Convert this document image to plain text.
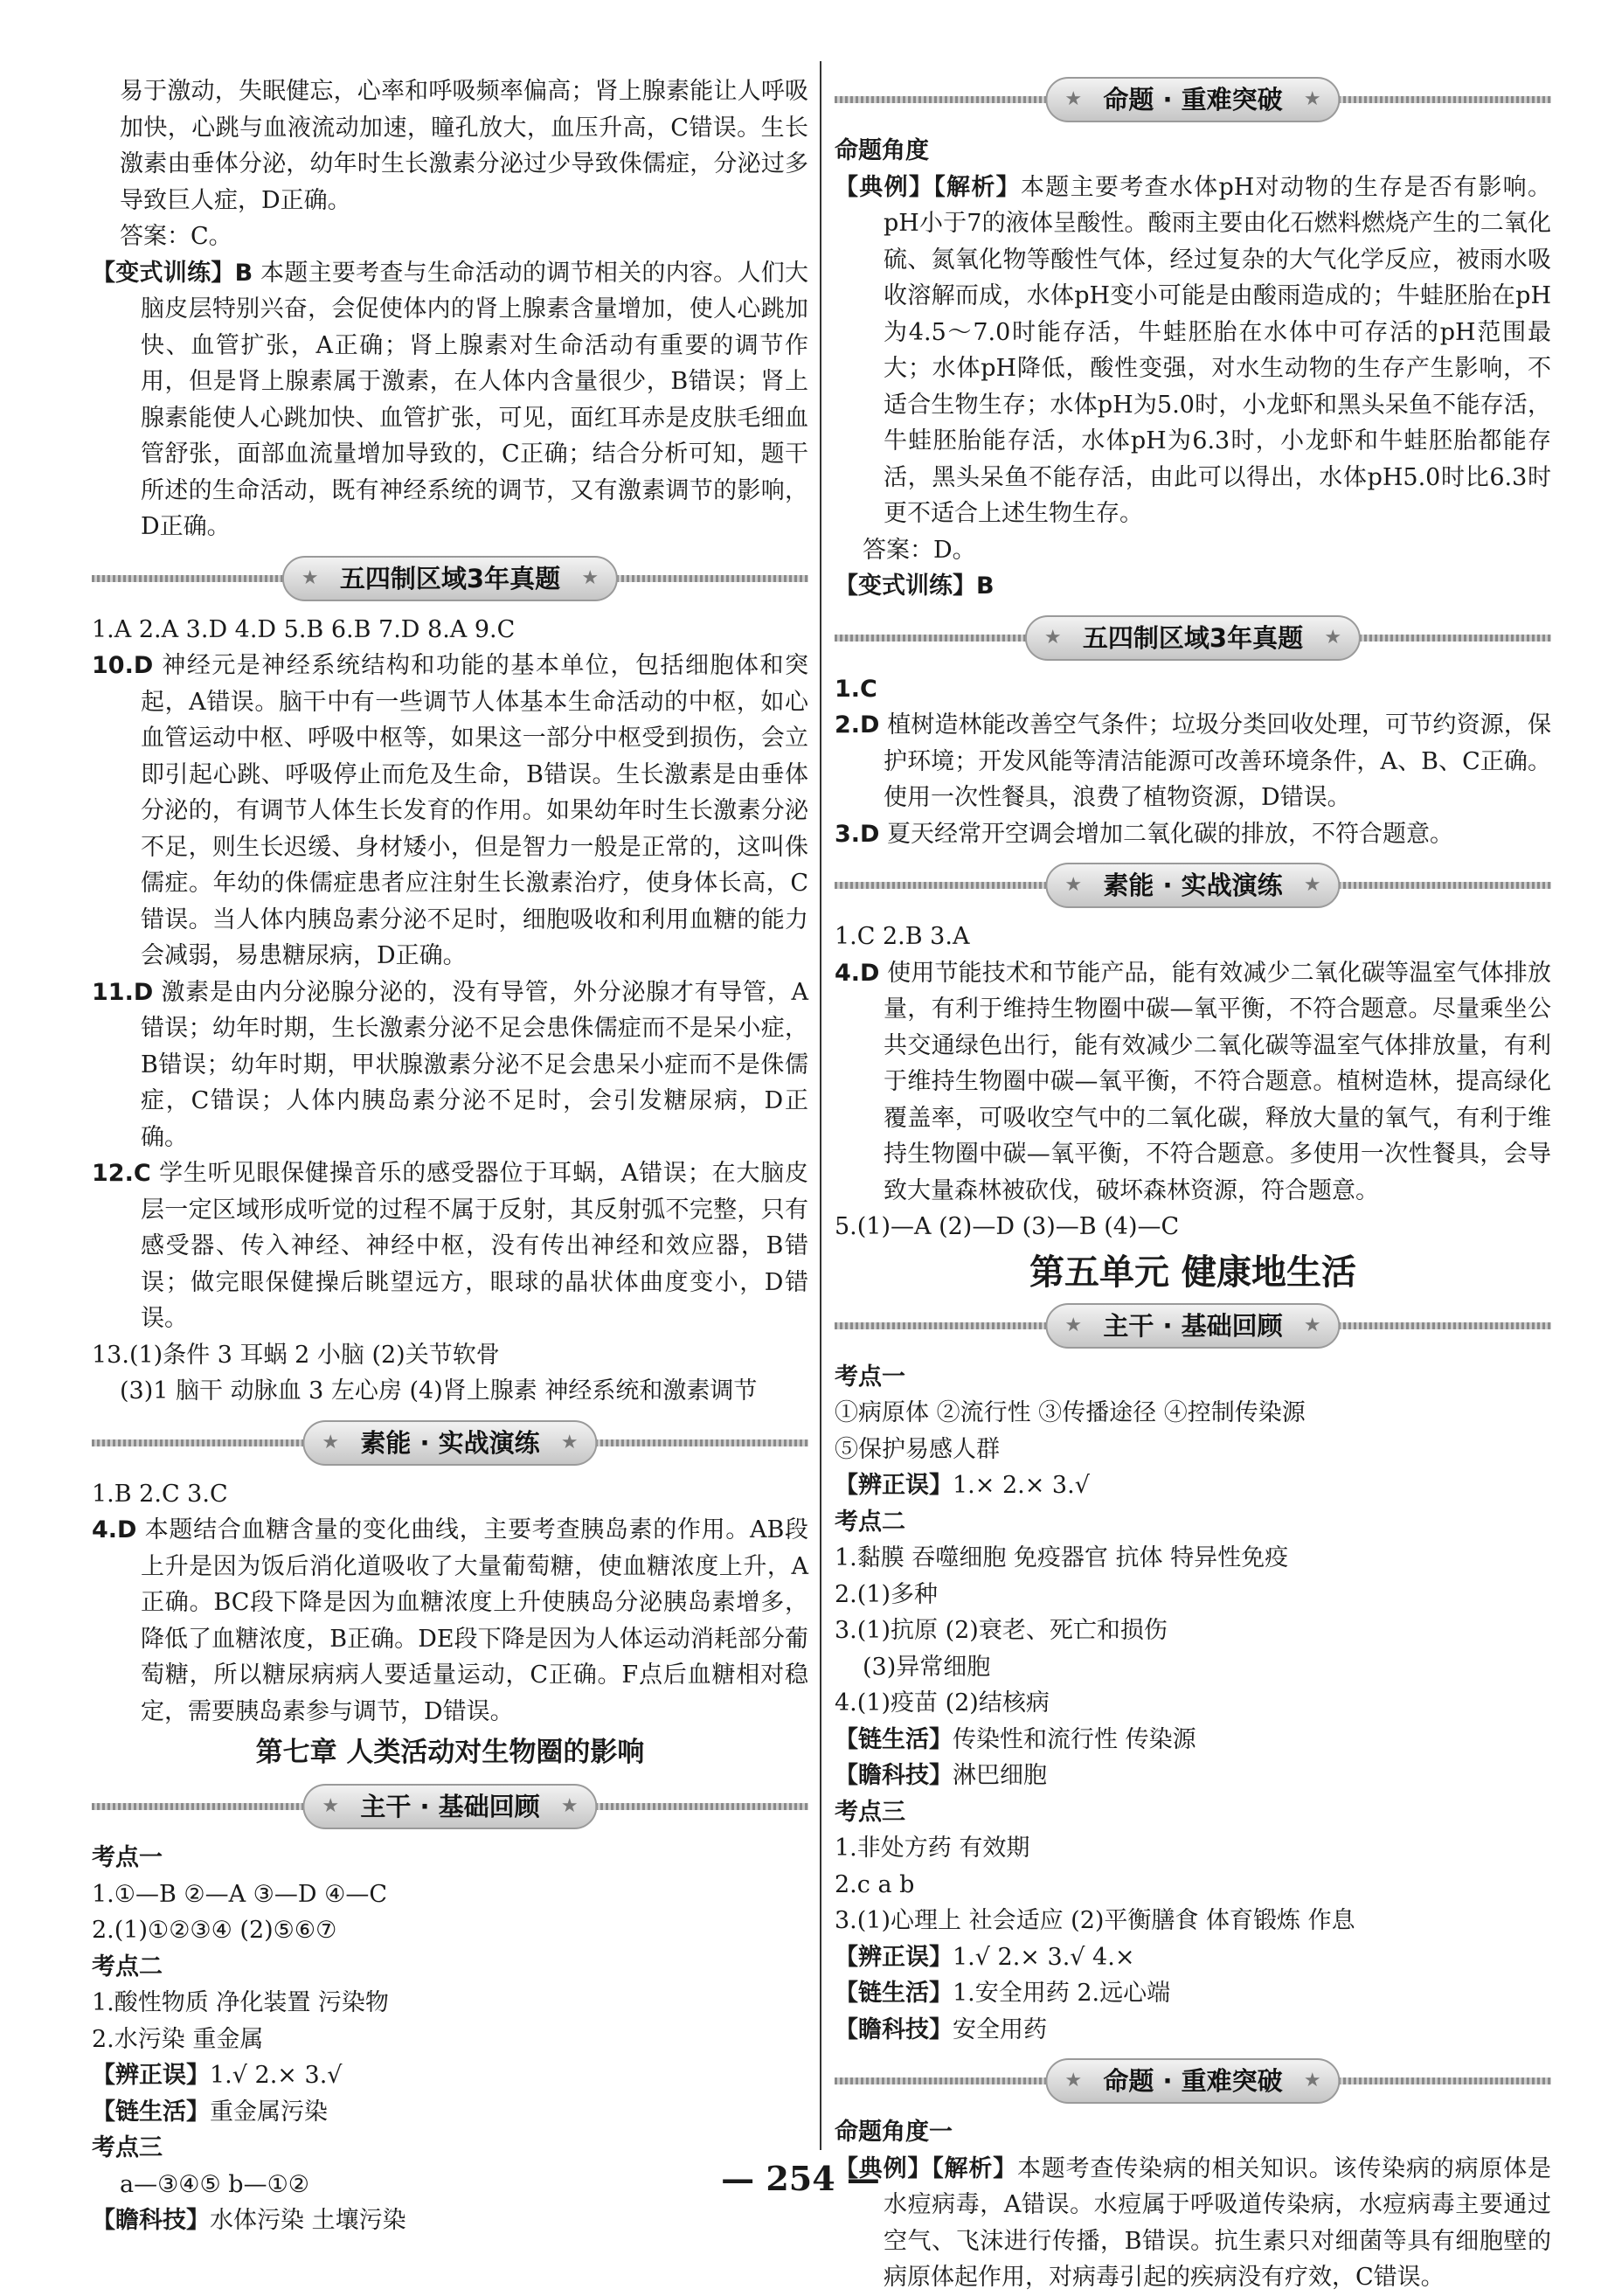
易于激动，失眠健忘，心率和呼吸频率偏高；肾上腺素能让人呼吸加快，心跳与血液流动加速，瞳孔放大，血压升高，C错误。生长激素由垂体分泌，幼年时生长激素分泌过少导致侏儒症，分泌过多导致巨人症，D正确。

答案：C。

【变式训练】B 本题主要考查与生命活动的调节相关的内容。人们大脑皮层特别兴奋，会促使体内的肾上腺素含量增加，使人心跳加快、血管扩张，A正确；肾上腺素对生命活动有重要的调节作用，但是肾上腺素属于激素，在人体内含量很少，B错误；肾上腺素能使人心跳加快、血管扩张，可见，面红耳赤是皮肤毛细血管舒张，面部血流量增加导致的，C正确；结合分析可知，题干所述的生命活动，既有神经系统的调节，又有激素调节的影响，D正确。

★ 五四制区域3年真题 ★

1.A 2.A 3.D 4.D 5.B 6.B 7.D 8.A 9.C

10.D 神经元是神经系统结构和功能的基本单位，包括细胞体和突起，A错误。脑干中有一些调节人体基本生命活动的中枢，如心血管运动中枢、呼吸中枢等，如果这一部分中枢受到损伤，会立即引起心跳、呼吸停止而危及生命，B错误。生长激素是由垂体分泌的，有调节人体生长发育的作用。如果幼年时生长激素分泌不足，则生长迟缓、身材矮小，但是智力一般是正常的，这叫侏儒症。年幼的侏儒症患者应注射生长激素治疗，使身体长高，C错误。当人体内胰岛素分泌不足时，细胞吸收和利用血糖的能力会减弱，易患糖尿病，D正确。

11.D 激素是由内分泌腺分泌的，没有导管，外分泌腺才有导管，A错误；幼年时期，生长激素分泌不足会患侏儒症而不是呆小症，B错误；幼年时期，甲状腺激素分泌不足会患呆小症而不是侏儒症，C错误；人体内胰岛素分泌不足时，会引发糖尿病，D正确。

12.C 学生听见眼保健操音乐的感受器位于耳蜗，A错误；在大脑皮层一定区域形成听觉的过程不属于反射，其反射弧不完整，只有感受器、传入神经、神经中枢，没有传出神经和效应器，B错误；做完眼保健操后眺望远方，眼球的晶状体曲度变小，D错误。

13.(1)条件 3 耳蜗 2 小脑 (2)关节软骨

(3)1 脑干 动脉血 3 左心房 (4)肾上腺素 神经系统和激素调节

★ 素能 · 实战演练 ★

1.B 2.C 3.C

4.D 本题结合血糖含量的变化曲线，主要考查胰岛素的作用。AB段上升是因为饭后消化道吸收了大量葡萄糖，使血糖浓度上升，A正确。BC段下降是因为血糖浓度上升使胰岛分泌胰岛素增多，降低了血糖浓度，B正确。DE段下降是因为人体运动消耗部分葡萄糖，所以糖尿病病人要适量运动，C正确。F点后血糖相对稳定，需要胰岛素参与调节，D错误。

第七章 人类活动对生物圈的影响
★ 主干 · 基础回顾 ★

考点一

1.①—B ②—A ③—D ④—C

2.(1)①②③④ (2)⑤⑥⑦

考点二

1.酸性物质 净化装置 污染物

2.水污染 重金属

【辨正误】1.√ 2.× 3.√

【链生活】重金属污染

考点三

a—③④⑤ b—①②

【瞻科技】水体污染 土壤污染

★ 命题 · 重难突破 ★

命题角度

【典例】【解析】本题主要考查水体pH对动物的生存是否有影响。pH小于7的液体呈酸性。酸雨主要由化石燃料燃烧产生的二氧化硫、氮氧化物等酸性气体，经过复杂的大气化学反应，被雨水吸收溶解而成，水体pH变小可能是由酸雨造成的；牛蛙胚胎在pH为4.5～7.0时能存活，牛蛙胚胎在水体中可存活的pH范围最大；水体pH降低，酸性变强，对水生动物的生存产生影响，不适合生物生存；水体pH为5.0时，小龙虾和黑头呆鱼不能存活，牛蛙胚胎能存活，水体pH为6.3时，小龙虾和牛蛙胚胎都能存活，黑头呆鱼不能存活，由此可以得出，水体pH5.0时比6.3时更不适合上述生物生存。

答案：D。

【变式训练】B

★ 五四制区域3年真题 ★

1.C

2.D 植树造林能改善空气条件；垃圾分类回收处理，可节约资源，保护环境；开发风能等清洁能源可改善环境条件，A、B、C正确。使用一次性餐具，浪费了植物资源，D错误。

3.D 夏天经常开空调会增加二氧化碳的排放，不符合题意。

★ 素能 · 实战演练 ★

1.C 2.B 3.A

4.D 使用节能技术和节能产品，能有效减少二氧化碳等温室气体排放量，有利于维持生物圈中碳—氧平衡，不符合题意。尽量乘坐公共交通绿色出行，能有效减少二氧化碳等温室气体排放量，有利于维持生物圈中碳—氧平衡，不符合题意。植树造林，提高绿化覆盖率，可吸收空气中的二氧化碳，释放大量的氧气，有利于维持生物圈中碳—氧平衡，不符合题意。多使用一次性餐具，会导致大量森林被砍伐，破坏森林资源，符合题意。

5.(1)—A (2)—D (3)—B (4)—C

第五单元 健康地生活
★ 主干 · 基础回顾 ★

考点一

①病原体 ②流行性 ③传播途径 ④控制传染源

⑤保护易感人群

【辨正误】1.× 2.× 3.√

考点二

1.黏膜 吞噬细胞 免疫器官 抗体 特异性免疫

2.(1)多种

3.(1)抗原 (2)衰老、死亡和损伤

(3)异常细胞

4.(1)疫苗 (2)结核病

【链生活】传染性和流行性 传染源

【瞻科技】淋巴细胞

考点三

1.非处方药 有效期

2.c a b

3.(1)心理上 社会适应 (2)平衡膳食 体育锻炼 作息

【辨正误】1.√ 2.× 3.√ 4.×

【链生活】1.安全用药 2.远心端

【瞻科技】安全用药

★ 命题 · 重难突破 ★

命题角度一

【典例】【解析】本题考查传染病的相关知识。该传染病的病原体是水痘病毒，A错误。水痘属于呼吸道传染病，水痘病毒主要通过空气、飞沫进行传播，B错误。抗生素只对细菌等具有细胞壁的病原体起作用，对病毒引起的疾病没有疗效，C错误。

— 254 —
